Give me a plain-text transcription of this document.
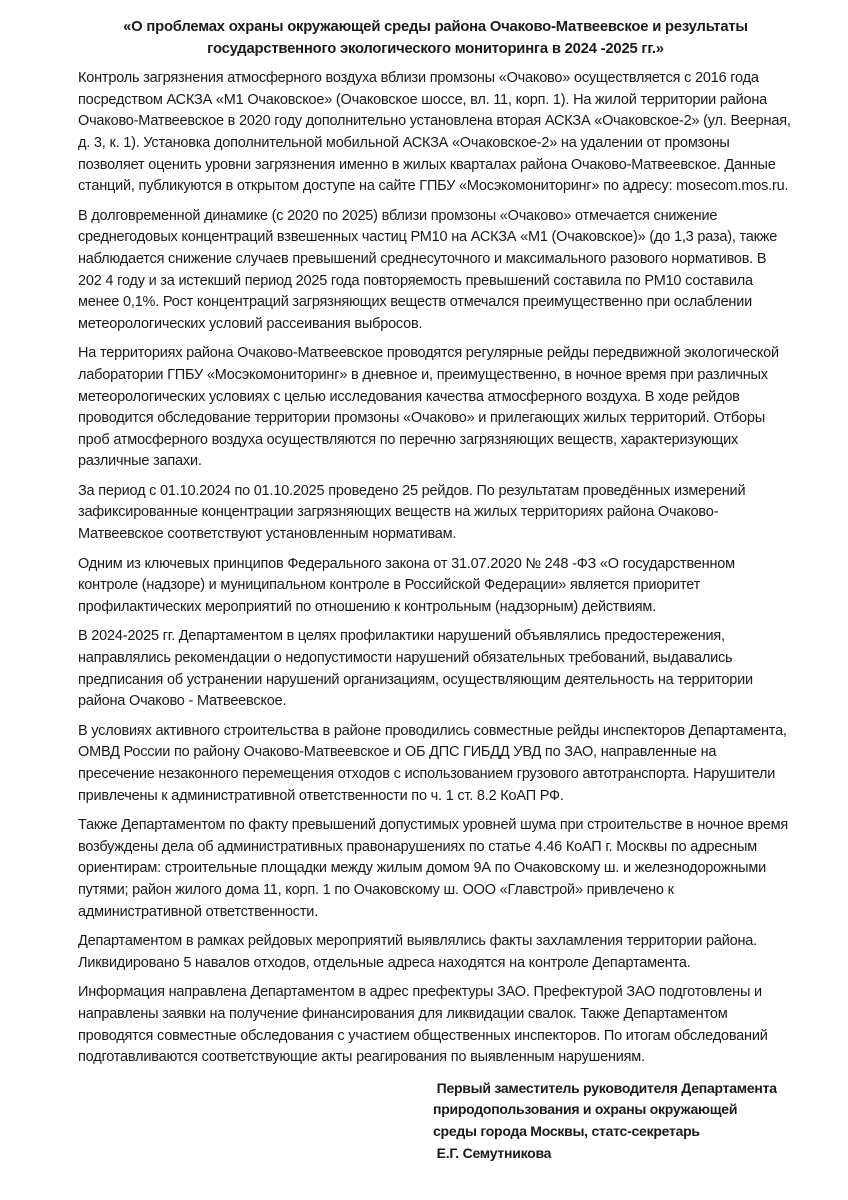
«О проблемах охраны окружающей среды района Очаково-Матвеевское и результаты государственного экологического мониторинга в 2024 -2025 гг.»

Контроль загрязнения атмосферного воздуха вблизи промзоны «Очаково» осуществляется с 2016 года посредством АСКЗА «М1 Очаковское» (Очаковское шоссе, вл. 11, корп. 1). На жилой территории района Очаково-Матвеевское в 2020 году дополнительно установлена вторая АСКЗА «Очаковское-2» (ул. Веерная, д. 3, к. 1). Установка дополнительной мобильной АСКЗА «Очаковское-2» на удалении от промзоны позволяет оценить уровни загрязнения именно в жилых кварталах района Очаково-Матвеевское. Данные станций, публикуются в открытом доступе на сайте ГПБУ «Мосэкомониторинг» по адресу: mosecom.mos.ru.

В долговременной динамике (с 2020 по 2025) вблизи промзоны «Очаково» отмечается снижение среднегодовых концентраций взвешенных частиц РМ10 на АСКЗА «М1 (Очаковское)» (до 1,3 раза), также наблюдается снижение случаев превышений среднесуточного и максимального разового нормативов. В 202 4 году и за истекший период 2025 года повторяемость превышений составила по РМ10 составила менее 0,1%. Рост концентраций загрязняющих веществ отмечался преимущественно при ослаблении метеорологических условий рассеивания выбросов.

На территориях района Очаково-Матвеевское проводятся регулярные рейды передвижной экологической лаборатории ГПБУ «Мосэкомониторинг» в дневное и, преимущественно, в ночное время при различных метеорологических условиях с целью исследования качества атмосферного воздуха. В ходе рейдов проводится обследование территории промзоны «Очаково» и прилегающих жилых территорий. Отборы проб атмосферного воздуха осуществляются по перечню загрязняющих веществ, характеризующих различные запахи.

За период с 01.10.2024 по 01.10.2025 проведено 25 рейдов. По результатам проведённых измерений зафиксированные концентрации загрязняющих веществ на жилых территориях района Очаково-Матвеевское соответствуют установленным нормативам.

Одним из ключевых принципов Федерального закона от 31.07.2020 № 248 -ФЗ «О государственном контроле (надзоре) и муниципальном контроле в Российской Федерации» является приоритет профилактических мероприятий по отношению к контрольным (надзорным) действиям.

В 2024-2025 гг. Департаментом в целях профилактики нарушений объявлялись предостережения, направлялись рекомендации о недопустимости нарушений обязательных требований, выдавались предписания об устранении нарушений организациям, осуществляющим деятельность на территории района Очаково - Матвеевское.

В условиях активного строительства в районе проводились совместные рейды инспекторов Департамента, ОМВД России по району Очаково-Матвеевское и ОБ ДПС ГИБДД УВД по ЗАО, направленные на пресечение незаконного перемещения отходов с использованием грузового автотранспорта. Нарушители привлечены к административной ответственности по ч. 1 ст. 8.2 КоАП РФ.

Также Департаментом по факту превышений допустимых уровней шума при строительстве в ночное время возбуждены дела об административных правонарушениях по статье 4.46 КоАП г. Москвы по адресным ориентирам: строительные площадки между жилым домом 9А по Очаковскому ш. и железнодорожными путями; район жилого дома 11, корп. 1 по Очаковскому ш. ООО «Главстрой» привлечено к административной ответственности.

Департаментом в рамках рейдовых мероприятий выявлялись факты захламления территории района. Ликвидировано 5 навалов отходов, отдельные адреса находятся на контроле Департамента.

Информация направлена Департаментом в адрес префектуры ЗАО. Префектурой ЗАО подготовлены и направлены заявки на получение финансирования для ликвидации свалок. Также Департаментом проводятся совместные обследования с участием общественных инспекторов. По итогам обследований подготавливаются соответствующие акты реагирования по выявленным нарушениям.

Первый заместитель руководителя Департамента
природопользования и охраны окружающей
среды города Москвы, статс-секретарь
Е.Г. Семутникова
